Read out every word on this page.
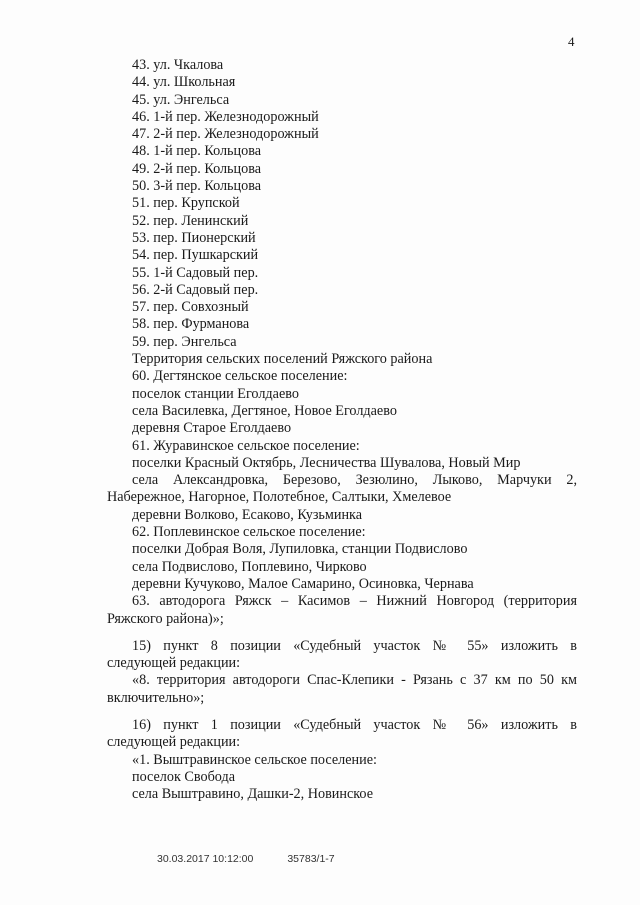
4
43. ул. Чкалова
44. ул. Школьная
45. ул. Энгельса
46. 1-й пер. Железнодорожный
47. 2-й пер. Железнодорожный
48. 1-й пер. Кольцова
49. 2-й пер. Кольцова
50. 3-й пер. Кольцова
51. пер. Крупской
52. пер. Ленинский
53. пер. Пионерский
54. пер. Пушкарский
55. 1-й Садовый пер.
56. 2-й Садовый пер.
57. пер. Совхозный
58. пер. Фурманова
59. пер. Энгельса
Территория сельских поселений Ряжского района
60. Дегтянское сельское поселение:
поселок станции Еголдаево
села Василевка, Дегтяное, Новое Еголдаево
деревня Старое Еголдаево
61. Журавинское сельское поселение:
поселки Красный Октябрь, Лесничества Шувалова, Новый Мир
села Александровка, Березово, Зезюлино, Лыково, Марчуки 2,
Набережное, Нагорное, Полотебное, Салтыки, Хмелевое
деревни Волково, Есаково, Кузьминка
62. Поплевинское сельское поселение:
поселки Добрая Воля, Лупиловка, станции Подвислово
села Подвислово, Поплевино, Чирково
деревни Кучуково, Малое Самарино, Осиновка, Чернава
63. автодорога Ряжск – Касимов – Нижний Новгород (территория
Ряжского района)»;
15) пункт 8 позиции «Судебный участок № 55» изложить в
следующей редакции:
«8. территория автодороги Спас-Клепики - Рязань с 37 км по 50 км
включительно»;
16) пункт 1 позиции «Судебный участок № 56» изложить в
следующей редакции:
«1. Выштравинское сельское поселение:
поселок Свобода
села Выштравино, Дашки-2, Новинское
30.03.2017 10:12:00	35783/1-7
